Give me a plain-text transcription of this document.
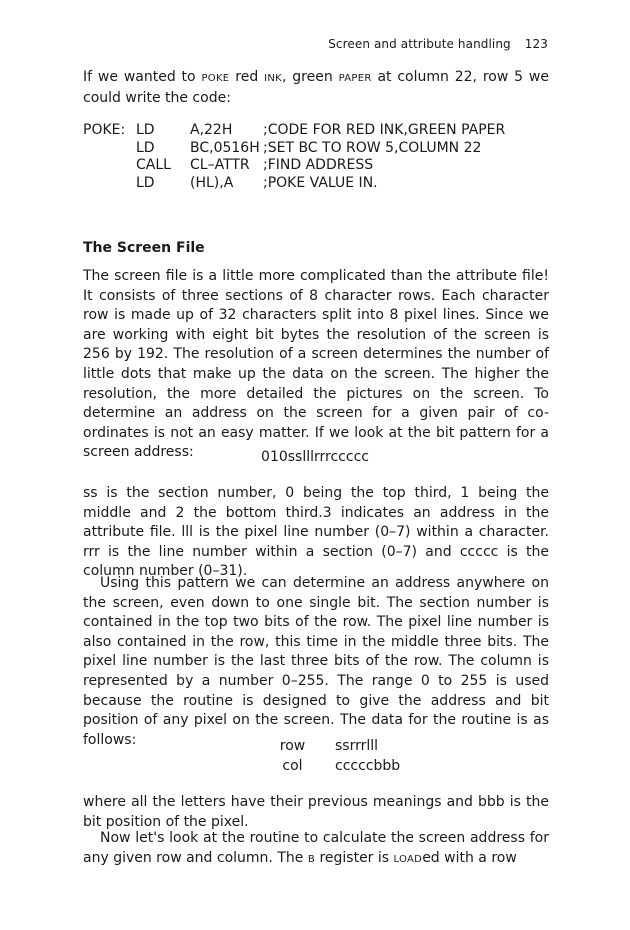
Screen and attribute handling 123

If we wanted to POKE red INK, green PAPER at column 22, row 5 we could write the code:

POKE: LD	A,22H	;CODE FOR RED INK,GREEN PAPER
LD	BC,0516H ;SET BC TO ROW 5,COLUMN 22
CALL	CL–ATTR ;FIND ADDRESS
LD	(HL),A	;POKE VALUE IN.
The Screen File

The screen file is a little more complicated than the attribute file! It consists of three sections of 8 character rows. Each character row is made up of 32 characters split into 8 pixel lines. Since we are working with eight bit bytes the resolution of the screen is 256 by 192. The resolution of a screen determines the number of little dots that make up the data on the screen. The higher the resolution, the more detailed the pictures on the screen. To determine an address on the screen for a given pair of co-ordinates is not an easy matter. If we look at the bit pattern for a screen address:	010sslllrrrccccc

ss is the section number, 0 being the top third, 1 being the middle and 2 the bottom third.3 indicates an address in the attribute file. lll is the pixel line number (0–7) within a character. rrr is the line number within a section (0–7) and ccccc is the column number (0–31).

Using this pattern we can determine an address anywhere on the screen, even down to one single bit. The section number is contained in the top two bits of the row. The pixel line number is also contained in the row, this time in the middle three bits. The pixel line number is the last three bits of the row. The column is represented by a number 0–255. The range 0 to 255 is used because the routine is designed to give the address and bit position of any pixel on the screen. The data for the routine is as follows:	row	ssrrrlll
col	cccccbbb

where all the letters have their previous meanings and bbb is the bit position of the pixel.

Now let's look at the routine to calculate the screen address for any given row and column. The B register is LOADed with a row
